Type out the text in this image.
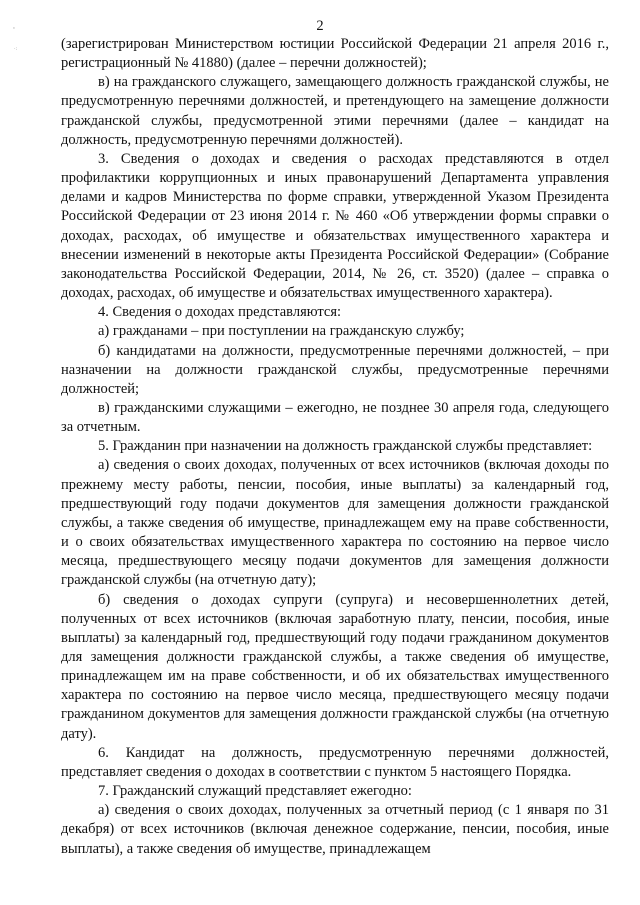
'
·:
2

(зарегистрирован Министерством юстиции Российской Федерации 21 апреля 2016 г., регистрационный № 41880) (далее – перечни должностей);

в) на гражданского служащего, замещающего должность гражданской службы, не предусмотренную перечнями должностей, и претендующего на замещение должности гражданской службы, предусмотренной этими перечнями (далее – кандидат на должность, предусмотренную перечнями должностей).

3. Сведения о доходах и сведения о расходах представляются в отдел профилактики коррупционных и иных правонарушений Департамента управления делами и кадров Министерства по форме справки, утвержденной Указом Президента Российской Федерации от 23 июня 2014 г. № 460 «Об утверждении формы справки о доходах, расходах, об имуществе и обязательствах имущественного характера и внесении изменений в некоторые акты Президента Российской Федерации» (Собрание законодательства Российской Федерации, 2014, № 26, ст. 3520) (далее – справка о доходах, расходах, об имуществе и обязательствах имущественного характера).

4. Сведения о доходах представляются:

а) гражданами – при поступлении на гражданскую службу;

б) кандидатами на должности, предусмотренные перечнями должностей, – при назначении на должности гражданской службы, предусмотренные перечнями должностей;

в) гражданскими служащими – ежегодно, не позднее 30 апреля года, следующего за отчетным.

5. Гражданин при назначении на должность гражданской службы представляет:

а) сведения о своих доходах, полученных от всех источников (включая доходы по прежнему месту работы, пенсии, пособия, иные выплаты) за календарный год, предшествующий году подачи документов для замещения должности гражданской службы, а также сведения об имуществе, принадлежащем ему на праве собственности, и о своих обязательствах имущественного характера по состоянию на первое число месяца, предшествующего месяцу подачи документов для замещения должности гражданской службы (на отчетную дату);

б) сведения о доходах супруги (супруга) и несовершеннолетних детей, полученных от всех источников (включая заработную плату, пенсии, пособия, иные выплаты) за календарный год, предшествующий году подачи гражданином документов для замещения должности гражданской службы, а также сведения об имуществе, принадлежащем им на праве собственности, и об их обязательствах имущественного характера по состоянию на первое число месяца, предшествующего месяцу подачи гражданином документов для замещения должности гражданской службы (на отчетную дату).

6. Кандидат на должность, предусмотренную перечнями должностей, представляет сведения о доходах в соответствии с пунктом 5 настоящего Порядка.

7. Гражданский служащий представляет ежегодно:

а) сведения о своих доходах, полученных за отчетный период (с 1 января по 31 декабря) от всех источников (включая денежное содержание, пенсии, пособия, иные выплаты), а также сведения об имуществе, принадлежащем
